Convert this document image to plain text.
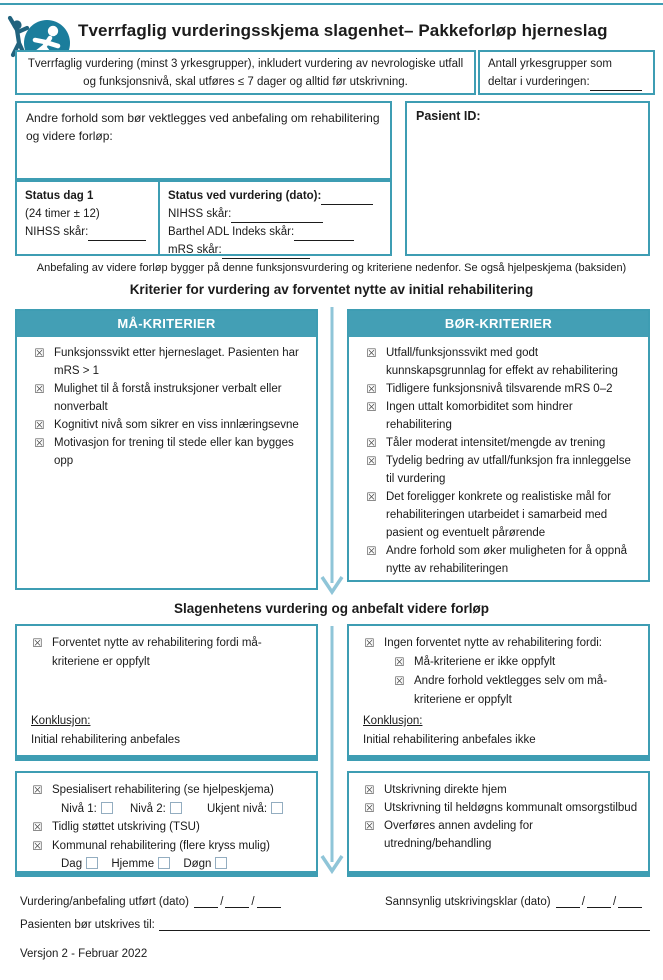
Tverrfaglig vurderingsskjema slagenhet– Pakkeforløp hjerneslag
Tverrfaglig vurdering (minst 3 yrkesgrupper), inkludert vurdering av nevrologiske utfall og funksjonsnivå, skal utføres ≤ 7 dager og alltid før utskrivning.
Antall yrkesgrupper som
deltar i vurderingen:
Andre forhold som bør vektlegges ved anbefaling om rehabilitering og videre forløp:
Status dag 1
(24 timer ± 12)
NIHSS skår:
Status ved vurdering (dato):
NIHSS skår:
Barthel ADL Indeks skår:
mRS skår:
Pasient ID:
Anbefaling av videre forløp bygger på denne funksjonsvurdering og kriteriene nedenfor. Se også hjelpeskjema (baksiden)
Kriterier for vurdering av forventet nytte av initial rehabilitering
MÅ-KRITERIER
☒ Funksjonssvikt etter hjerneslaget. Pasienten har mRS > 1
☒ Mulighet til å forstå instruksjoner verbalt eller nonverbalt
☒ Kognitivt nivå som sikrer en viss innlæringsevne
☒ Motivasjon for trening til stede eller kan bygges opp
BØR-KRITERIER
☒ Utfall/funksjonssvikt med godt kunnskapsgrunnlag for effekt av rehabilitering
☒ Tidligere funksjonsnivå tilsvarende mRS 0–2
☒ Ingen uttalt komorbiditet som hindrer rehabilitering
☒ Tåler moderat intensitet/mengde av trening
☒ Tydelig bedring av utfall/funksjon fra innleggelse til vurdering
☒ Det foreligger konkrete og realistiske mål for rehabiliteringen utarbeidet i samarbeid med pasient og eventuelt pårørende
☒ Andre forhold som øker muligheten for å oppnå nytte av rehabiliteringen
Slagenhetens vurdering og anbefalt videre forløp
☒ Forventet nytte av rehabilitering fordi må-kriteriene er oppfylt
Konklusjon:
Initial rehabilitering anbefales
☒ Ingen forventet nytte av rehabilitering fordi:
☒ Må-kriteriene er ikke oppfylt
☒ Andre forhold vektlegges selv om må-kriteriene er oppfylt
Konklusjon:
Initial rehabilitering anbefales ikke
☒ Spesialisert rehabilitering (se hjelpeskjema)
Nivå 1:	Nivå 2:	Ukjent nivå:
☒ Tidlig støttet utskriving (TSU)
☒ Kommunal rehabilitering (flere kryss mulig)
Dag	Hjemme	Døgn
☒ Utskrivning direkte hjem
☒ Utskrivning til heldøgns kommunalt omsorgstilbud
☒ Overføres annen avdeling for utredning/behandling
Vurdering/anbefaling utført (dato)	/ /	Sannsynlig utskrivingsklar (dato)	/ /
Pasienten bør utskrives til:
Versjon 2 - Februar 2022
